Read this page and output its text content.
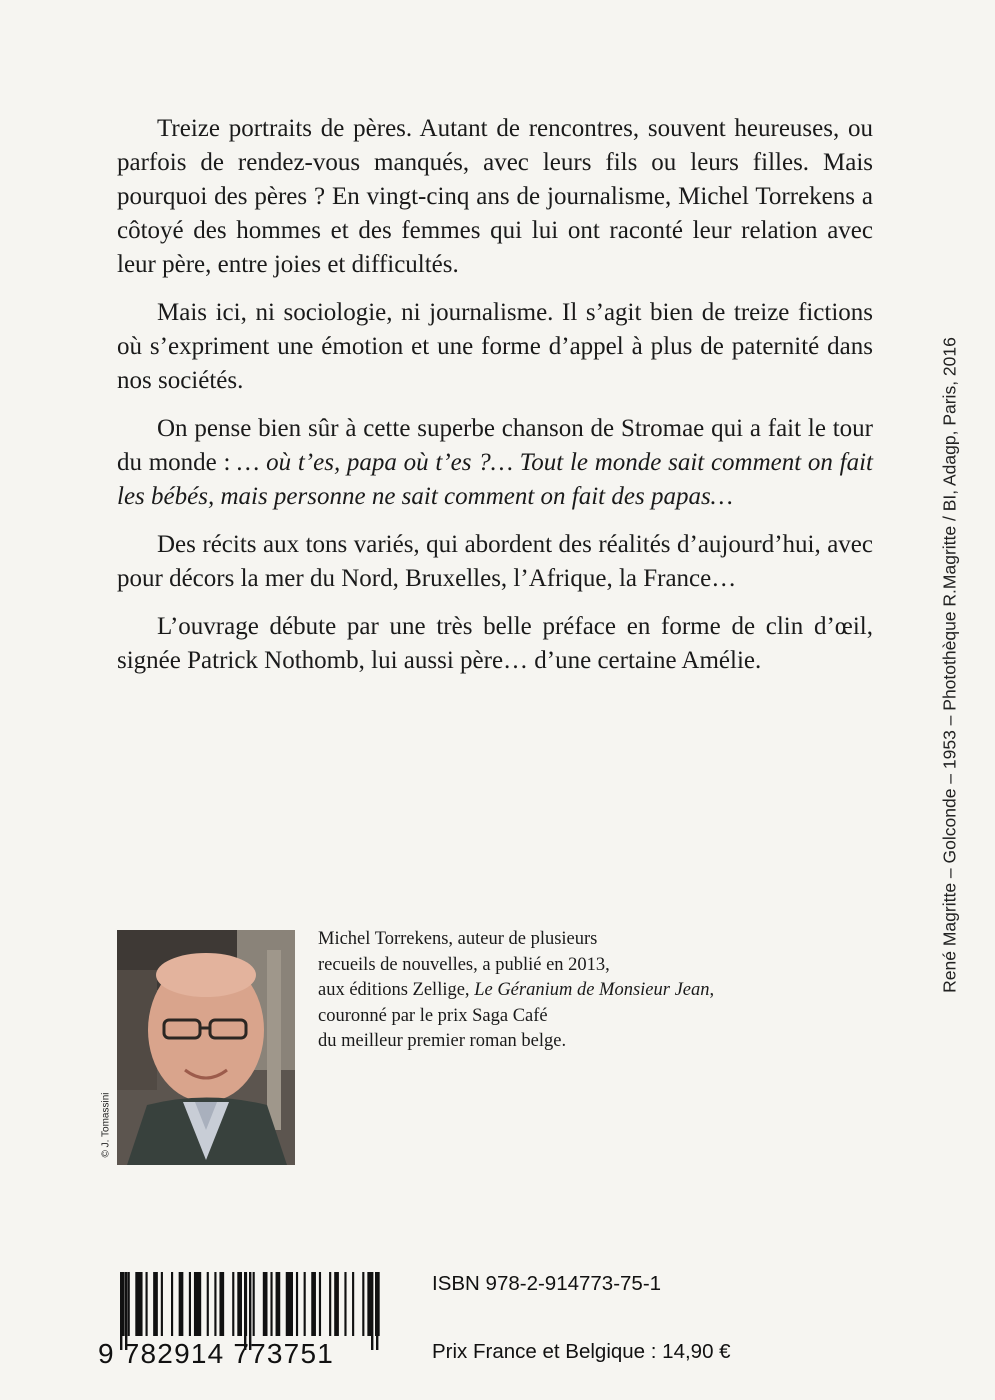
Treize portraits de pères. Autant de rencontres, souvent heureuses, ou parfois de rendez-vous manqués, avec leurs fils ou leurs filles. Mais pourquoi des pères ? En vingt-cinq ans de journalisme, Michel Torrekens a côtoyé des hommes et des femmes qui lui ont raconté leur relation avec leur père, entre joies et difficultés.

Mais ici, ni sociologie, ni journalisme. Il s’agit bien de treize fictions où s’expriment une émotion et une forme d’appel à plus de paternité dans nos sociétés.

On pense bien sûr à cette superbe chanson de Stromae qui a fait le tour du monde : … où t’es, papa où t’es ?… Tout le monde sait comment on fait les bébés, mais personne ne sait comment on fait des papas…

Des récits aux tons variés, qui abordent des réalités d’aujourd’hui, avec pour décors la mer du Nord, Bruxelles, l’Afrique, la France…

L’ouvrage débute par une très belle préface en forme de clin d’œil, signée Patrick Nothomb, lui aussi père… d’une certaine Amélie.	René Magritte – Golconde – 1953 – Photothèque R.Magritte / BI, Adagp, Paris, 2016
© J. Tomassini
Michel Torrekens, auteur de plusieurs
recueils de nouvelles, a publié en 2013,
aux éditions Zellige, Le Géranium de Monsieur Jean,
couronné par le prix Saga Café
du meilleur premier roman belge.
9 782914 773751
ISBN 978-2-914773-75-1
Prix France et Belgique : 14,90 €
